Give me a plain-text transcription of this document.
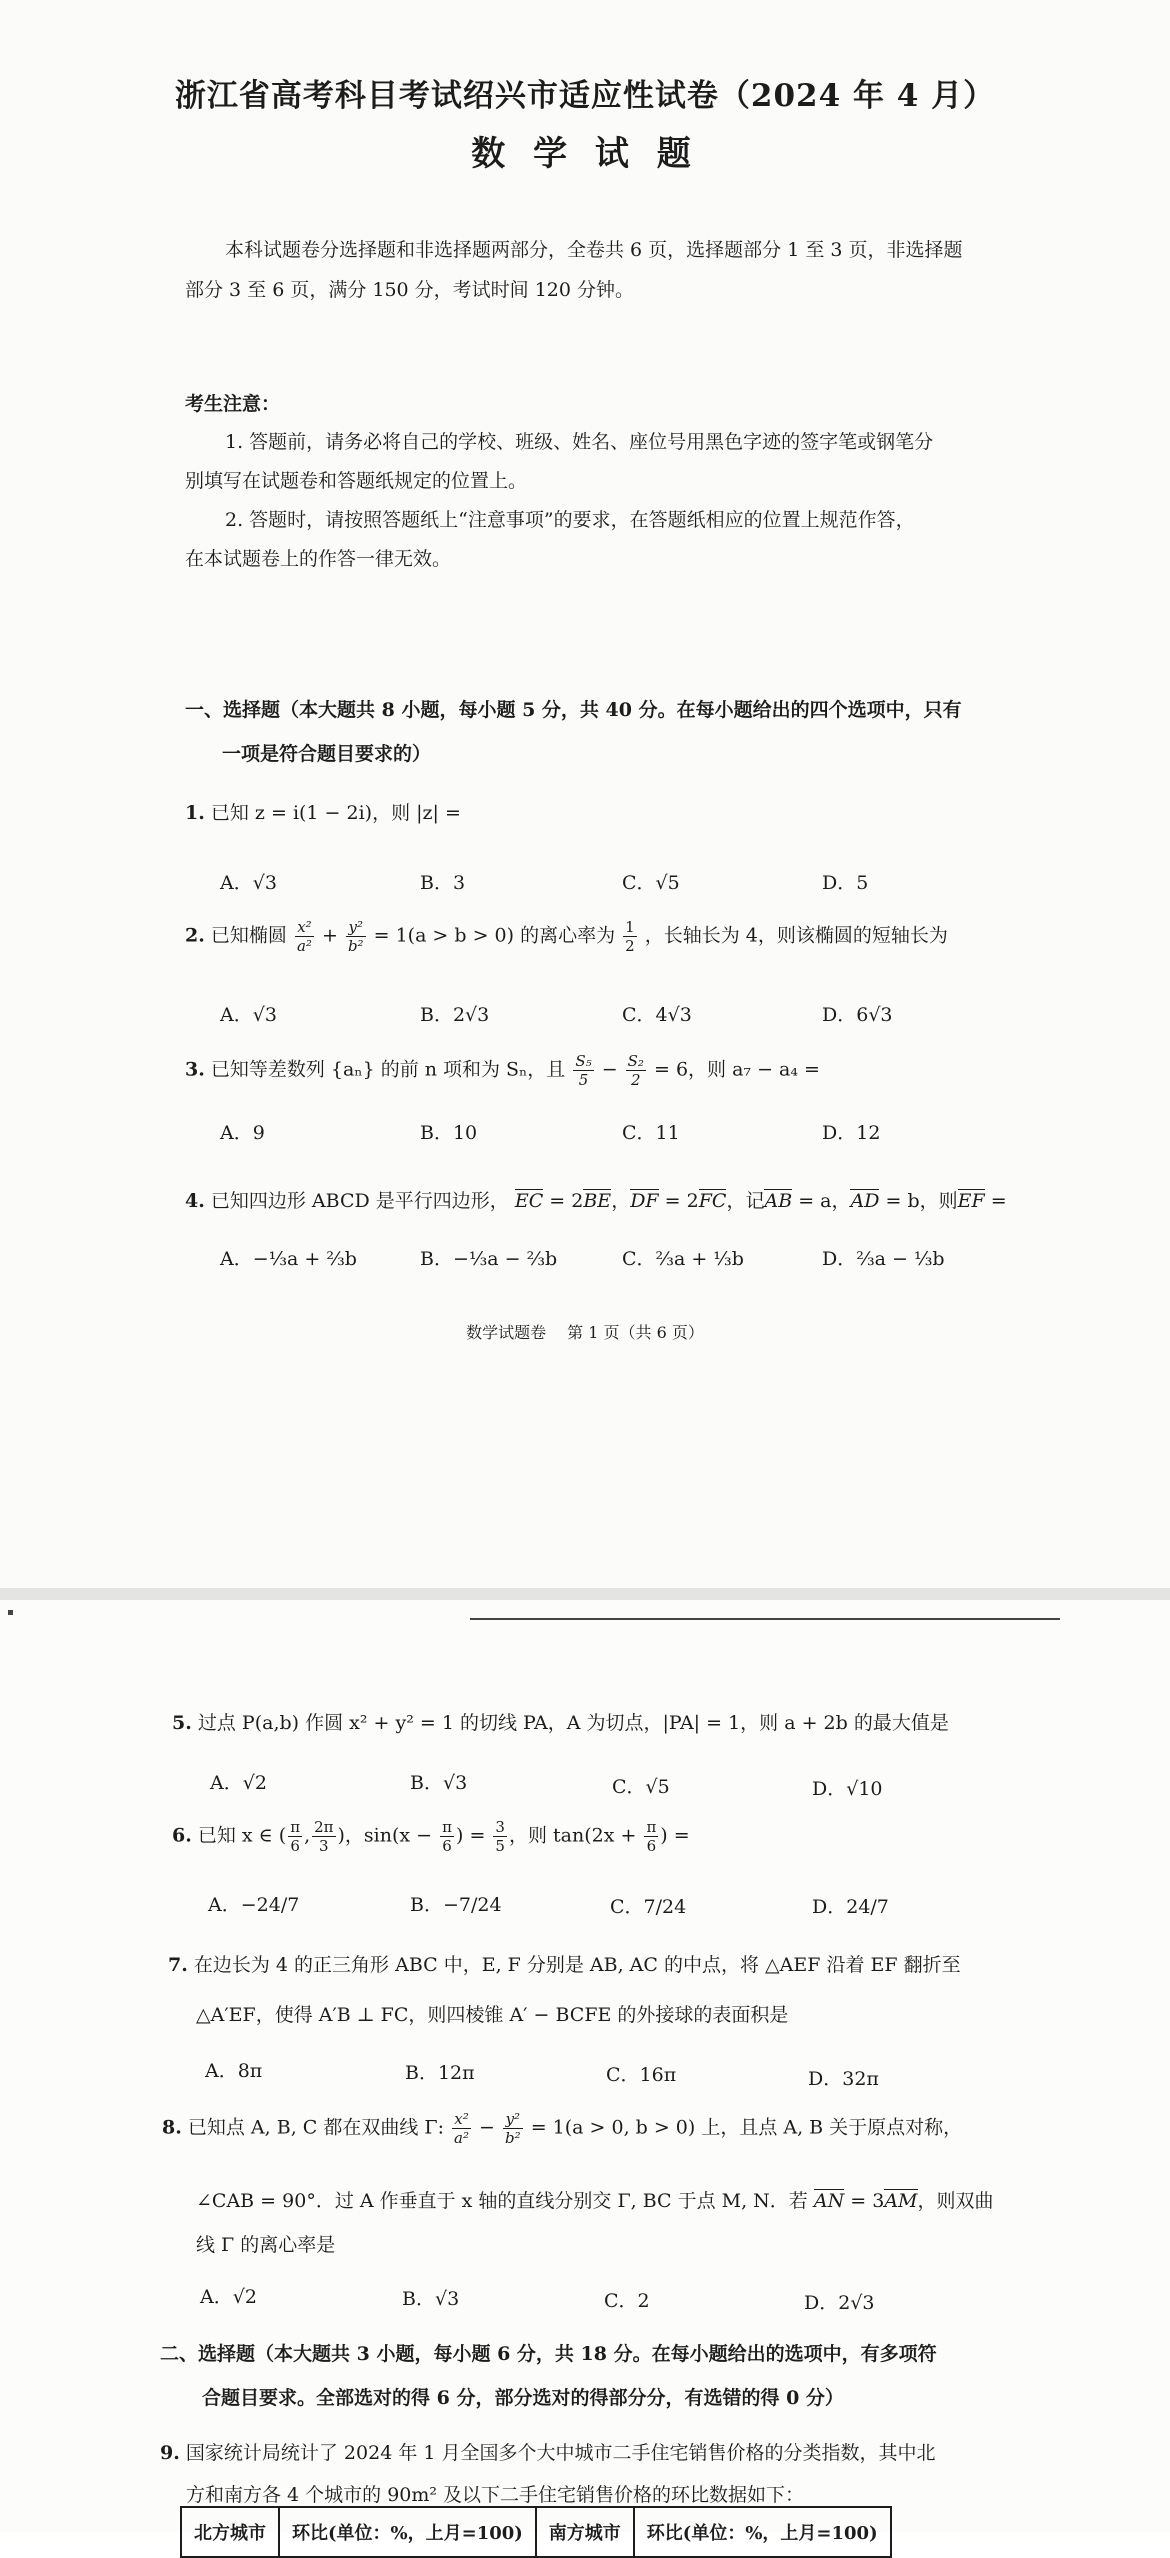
浙江省高考科目考试绍兴市适应性试卷（2024 年 4 月）
数 学 试 题
本科试题卷分选择题和非选择题两部分，全卷共 6 页，选择题部分 1 至 3 页，非选择题
部分 3 至 6 页，满分 150 分，考试时间 120 分钟。
考生注意：
1. 答题前，请务必将自己的学校、班级、姓名、座位号用黑色字迹的签字笔或钢笔分
别填写在试题卷和答题纸规定的位置上。
2. 答题时，请按照答题纸上“注意事项”的要求，在答题纸相应的位置上规范作答，
在本试题卷上的作答一律无效。
一、选择题（本大题共 8 小题，每小题 5 分，共 40 分。在每小题给出的四个选项中，只有
一项是符合题目要求的）
1. 已知 z = i(1 − 2i)，则 |z| =
A．√3	B．3	C．√5	D．5
2. 已知椭圆 $\frac{\text{x²}}{\text{a²}} + \frac{\text{y²}}{\text{b²}} = 1(a > b > 0)$ 的离心率为 $\frac{1}{2}$ ，长轴长为 4，则该椭圆的短轴长为
A．√3	B．2√3	C．4√3	D．6√3
3. 已知等差数列 {aₙ} 的前 n 项和为 Sₙ，且 $\frac{\text{S₅}}{5} - \frac{\text{S₂}}{2} = 6$，则 a₇ − a₄ =
A．9	B．10	C．11	D．12
4. 已知四边形 ABCD 是平行四边形， EC = 2BE，DF = 2FC，记AB = a，AD = b，则EF =
A．−⅓a + ⅔b	B．−⅓a − ⅔b	C．⅔a + ⅓b	D．⅔a − ⅓b
数学试题卷　 第 1 页（共 6 页）
5. 过点 P(a,b) 作圆 x² + y² = 1 的切线 PA，A 为切点，|PA| = 1，则 a + 2b 的最大值是
A．√2	B．√3	C．√5	D．√10
6. 已知 x ∈ ( $\frac{\pi}{6}$ , $\frac{2\pi}{3}$ )，$\sin(x - \frac{\pi}{6}$ ) = $\frac{3}{5}$ ，则 $\tan(2x + \frac{\pi}{6}$ ) =
A．−24/7	B．−7/24	C．7/24	D．24/7
7. 在边长为 4 的正三角形 ABC 中，E, F 分别是 AB, AC 的中点，将 △AEF 沿着 EF 翻折至
△A′EF，使得 A′B ⊥ FC，则四棱锥 A′ − BCFE 的外接球的表面积是
A．8π	B．12π	C．16π	D．32π
8. 已知点 A, B, C 都在双曲线 Γ: $\frac{\text{x²}}{\text{a²}} - \frac{\text{y²}}{\text{b²}} = 1(a > 0$, b > 0) 上，且点 A, B 关于原点对称，
∠CAB = 90°．过 A 作垂直于 x 轴的直线分别交 Γ, BC 于点 M, N．若 AN = 3AM，则双曲
线 Γ 的离心率是
A．√2	B．√3	C．2	D．2√3
二、选择题（本大题共 3 小题，每小题 6 分，共 18 分。在每小题给出的选项中，有多项符
合题目要求。全部选对的得 6 分，部分选对的得部分分，有选错的得 0 分）
9. 国家统计局统计了 2024 年 1 月全国多个大中城市二手住宅销售价格的分类指数，其中北
方和南方各 4 个城市的 90m² 及以下二手住宅销售价格的环比数据如下：
北方城市	环比(单位：%，上月=100)	南方城市	环比(单位：%，上月=100)
